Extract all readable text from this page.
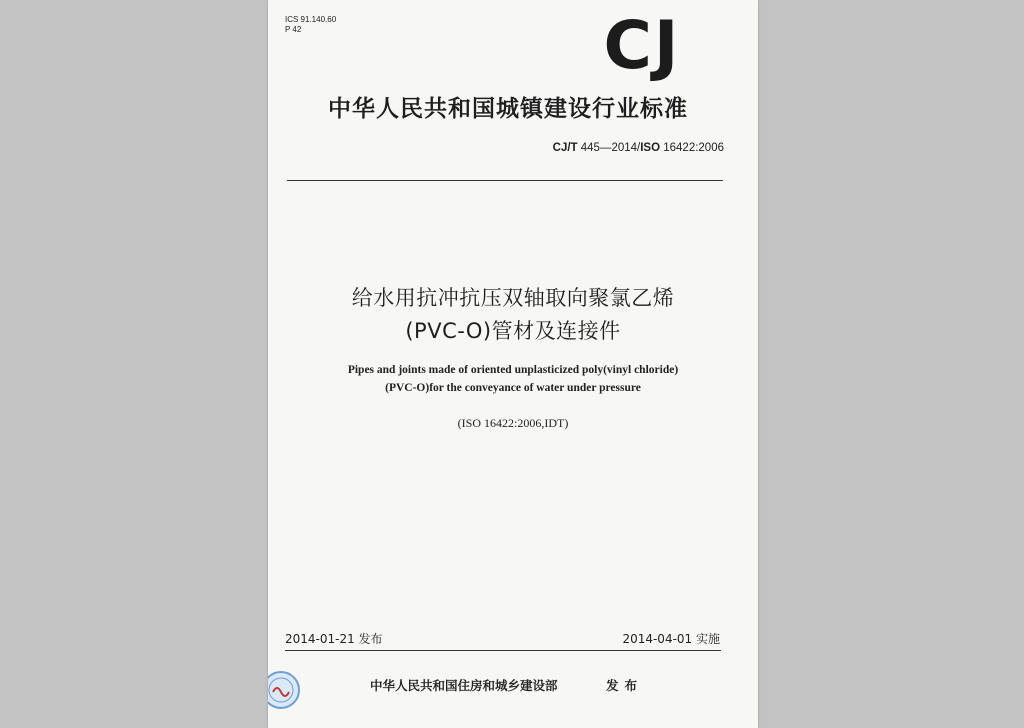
ICS 91.140.60
P 42	CJ
中华人民共和国城镇建设行业标准
CJ/T 445—2014/ISO 16422:2006
给水用抗冲抗压双轴取向聚氯乙烯
(PVC-O)管材及连接件
Pipes and joints made of oriented unplasticized poly(vinyl chloride)
(PVC-O)for the conveyance of water under pressure
(ISO 16422:2006,IDT)
2014-01-21 发布	2014-04-01 实施
中华人民共和国住房和城乡建设部	发布
